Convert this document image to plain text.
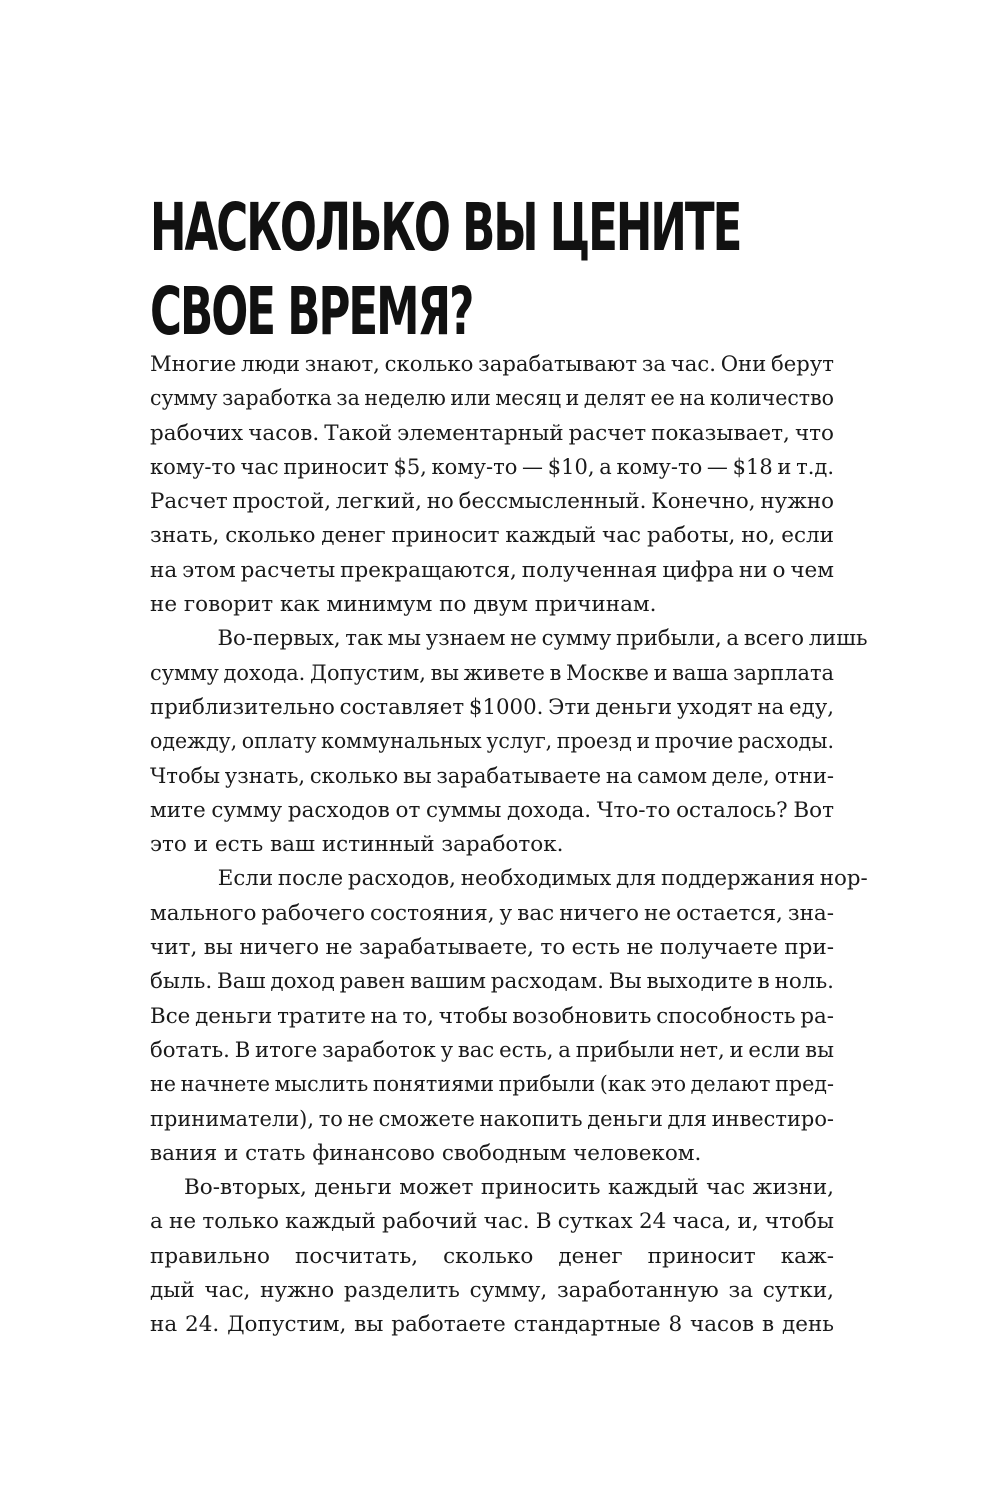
НАСКОЛЬКО ВЫ ЦЕНИТЕ
СВОЕ ВРЕМЯ?

Многие люди знают, сколько зарабатывают за час. Они берут

сумму заработка за неделю или месяц и делят ее на количество

рабочих часов. Такой элементарный расчет показывает, что

кому-то час приносит $5, кому-то — $10, а кому-то — $18 и т.д.

Расчет простой, легкий, но бессмысленный. Конечно, нужно

знать, сколько денег приносит каждый час работы, но, если

на этом расчеты прекращаются, полученная цифра ни о чем

не говорит как минимум по двум причинам.

Во-первых, так мы узнаем не сумму прибыли, а всего лишь

сумму дохода. Допустим, вы живете в Москве и ваша зарплата

приблизительно составляет $1000. Эти деньги уходят на еду,

одежду, оплату коммунальных услуг, проезд и прочие расходы.

Чтобы узнать, сколько вы зарабатываете на самом деле, отни-

мите сумму расходов от суммы дохода. Что-то осталось? Вот

это и есть ваш истинный заработок.

Если после расходов, необходимых для поддержания нор-

мального рабочего состояния, у вас ничего не остается, зна-

чит, вы ничего не зарабатываете, то есть не получаете при-

быль. Ваш доход равен вашим расходам. Вы выходите в ноль.

Все деньги тратите на то, чтобы возобновить способность ра-

ботать. В итоге заработок у вас есть, а прибыли нет, и если вы

не начнете мыслить понятиями прибыли (как это делают пред-

приниматели), то не сможете накопить деньги для инвестиро-

вания и стать финансово свободным человеком.

Во-вторых, деньги может приносить каждый час жизни,

а не только каждый рабочий час. В сутках 24 часа, и, чтобы

правильно посчитать, сколько денег приносит каж-

дый час, нужно разделить сумму, заработанную за сутки,

на 24. Допустим, вы работаете стандартные 8 часов в день
